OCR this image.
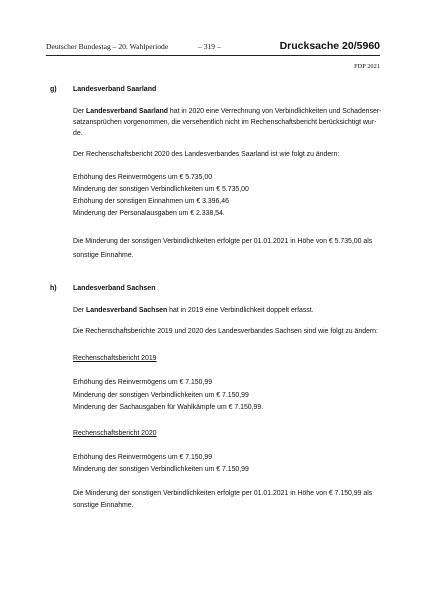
Deutscher Bundestag – 20. Wahlperiode	– 319 –	Drucksache 20/5960
FDP 2021
g) Landesverband Saarland
Der Landesverband Saarland hat in 2020 eine Verrechnung von Verbindlichkeiten und Schadenser-
satzansprüchen vorgenommen, die versehentlich nicht im Rechenschaftsbericht berücksichtigt wur-
de.
Der Rechenschaftsbericht 2020 des Landesverbandes Saarland ist wie folgt zu ändern:
Erhöhung des Reinvermögens um € 5.735,00
Minderung der sonstigen Verbindlichkeiten um € 5.735,00
Erhöhung der sonstigen Einnahmen um € 3.396,46
Minderung der Personalausgaben um € 2.338,54.
Die Minderung der sonstigen Verbindlichkeiten erfolgte per 01.01.2021 in Höhe von € 5.735,00 als
sonstige Einnahme.
h) Landesverband Sachsen
Der Landesverband Sachsen hat in 2019 eine Verbindlichkeit doppelt erfasst.
Die Rechenschaftsberichte 2019 und 2020 des Landesverbandes Sachsen sind wie folgt zu ändern:
Rechenschaftsbericht 2019
Erhöhung des Reinvermögens um € 7.150,99
Minderung der sonstigen Verbindlichkeiten um € 7.150,99
Minderung der Sachausgaben für Wahlkämpfe um € 7.150,99.
Rechenschaftsbericht 2020
Erhöhung des Reinvermögens um € 7.150,99
Minderung der sonstigen Verbindlichkeiten um € 7.150,99
Die Minderung der sonstigen Verbindlichkeiten erfolgte per 01.01.2021 in Höhe von € 7.150,99 als
sonstige Einnahme.
